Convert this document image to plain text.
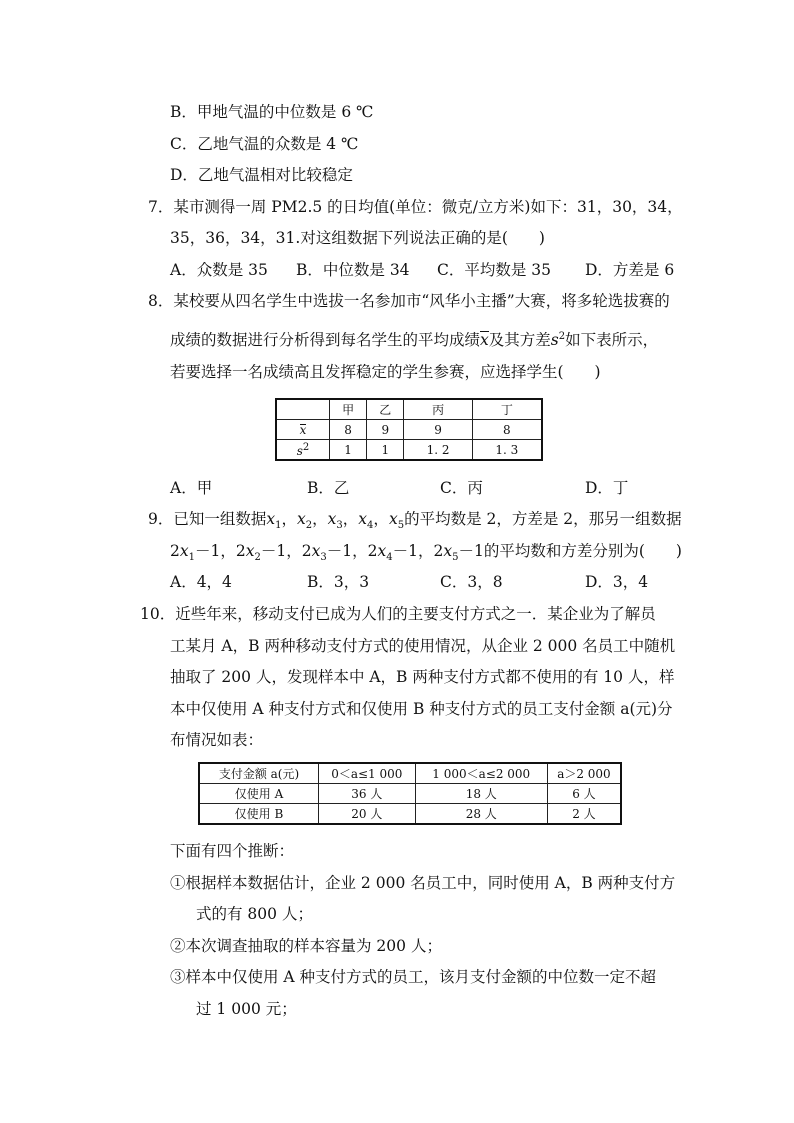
B．甲地气温的中位数是 6 ℃
C．乙地气温的众数是 4 ℃
D．乙地气温相对比较稳定
7．某市测得一周 PM2.5 的日均值(单位：微克/立方米)如下：31，30，34，
35，36，34，31.对这组数据下列说法正确的是(　　)
A．众数是 35 B．中位数是 34 C．平均数是 35 D．方差是 6
8．某校要从四名学生中选拔一名参加市“风华小主播”大赛，将多轮选拔赛的
成绩的数据进行分析得到每名学生的平均成绩x及其方差$s^2$如下表所示，
若要选择一名成绩高且发挥稳定的学生参赛，应选择学生(　　)
	甲	乙	丙	丁
x	8	9	9	8
$s^2$	1	1	1. 2	1. 3
A．甲	B．乙	C．丙	D．丁
9．已知一组数据$x_1$，$x_2$，$x_3$，$x_4$，$x_5$的平均数是 2，方差是 2，那另一组数据
$2x_1-1$，$2x_2-1$，$2x_3-1$，$2x_4-1$，$2x_5-1$的平均数和方差分别为(　　)
A．4，4	B．3，3	C．3，8	D．3，4
10．近些年来，移动支付已成为人们的主要支付方式之一．某企业为了解员
工某月 A，B 两种移动支付方式的使用情况，从企业 2 000 名员工中随机
抽取了 200 人，发现样本中 A，B 两种支付方式都不使用的有 10 人，样
本中仅使用 A 种支付方式和仅使用 B 种支付方式的员工支付金额 a(元)分
布情况如表：
支付金额 a(元)	0＜a≤1 000	1 000＜a≤2 000	a＞2 000
仅使用 A	36 人	18 人	6 人
仅使用 B	20 人	28 人	2 人
下面有四个推断：
①根据样本数据估计，企业 2 000 名员工中，同时使用 A，B 两种支付方
式的有 800 人；
②本次调查抽取的样本容量为 200 人；
③样本中仅使用 A 种支付方式的员工，该月支付金额的中位数一定不超
过 1 000 元；
